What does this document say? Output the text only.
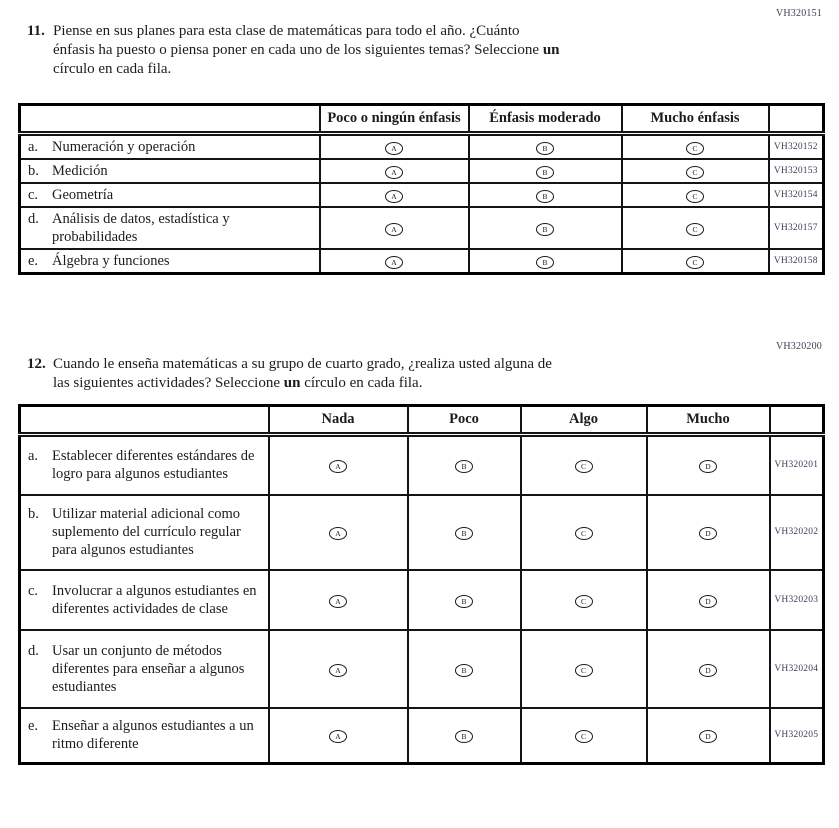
VH320151
11. Piense en sus planes para esta clase de matemáticas para todo el año. ¿Cuánto
énfasis ha puesto o piensa poner en cada uno de los siguientes temas? Seleccione un
círculo en cada fila.
	Poco o ningún énfasis	Énfasis moderado	Mucho énfasis	

a. Numeración y operación	A	B	C	VH320152

b. Medición	A	B	C	VH320153

c. Geometría	A	B	C	VH320154

d. Análisis de datos, estadística y probabilidades	A	B	C	VH320157

e. Álgebra y funciones	A	B	C	VH320158
VH320200
12. Cuando le enseña matemáticas a su grupo de cuarto grado, ¿realiza usted alguna de
las siguientes actividades? Seleccione un círculo en cada fila.
	Nada	Poco	Algo	Mucho	

a. Establecer diferentes estándares de logro para algunos estudiantes	A	B	C	D	VH320201

b. Utilizar material adicional como suplemento del currículo regular para algunos estudiantes	A	B	C	D	VH320202

c. Involucrar a algunos estudiantes en diferentes actividades de clase	A	B	C	D	VH320203

d. Usar un conjunto de métodos diferentes para enseñar a algunos estudiantes	A	B	C	D	VH320204

e. Enseñar a algunos estudiantes a un ritmo diferente	A	B	C	D	VH320205
